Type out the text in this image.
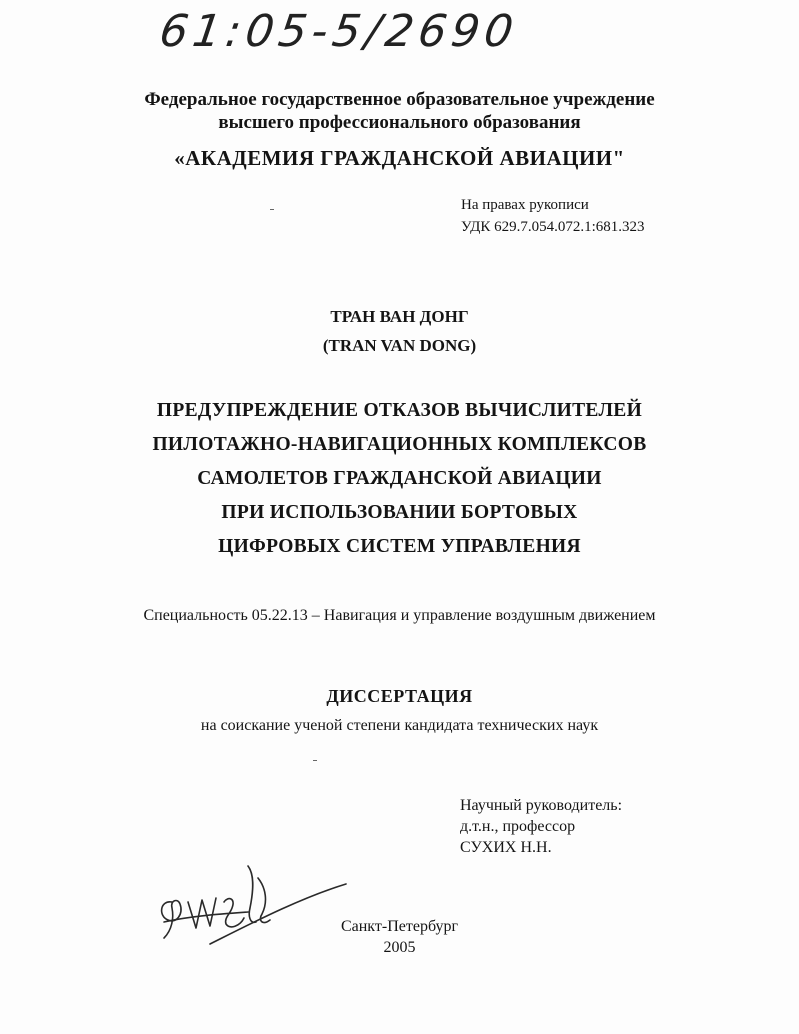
61:05-5/2690
Федеральное государственное образовательное учреждение
высшего профессионального образования
«АКАДЕМИЯ ГРАЖДАНСКОЙ АВИАЦИИ"
На правах рукописи
УДК 629.7.054.072.1:681.323
ТРАН ВАН ДОНГ
(TRAN VAN DONG)
ПРЕДУПРЕЖДЕНИЕ ОТКАЗОВ ВЫЧИСЛИТЕЛЕЙ
ПИЛОТАЖНО-НАВИГАЦИОННЫХ КОМПЛЕКСОВ
САМОЛЕТОВ ГРАЖДАНСКОЙ АВИАЦИИ
ПРИ ИСПОЛЬЗОВАНИИ БОРТОВЫХ
ЦИФРОВЫХ СИСТЕМ УПРАВЛЕНИЯ
Специальность 05.22.13 – Навигация и управление воздушным движением
ДИССЕРТАЦИЯ
на соискание ученой степени кандидата технических наук
Научный руководитель:
д.т.н., профессор
СУХИХ Н.Н.
Санкт-Петербург
2005
